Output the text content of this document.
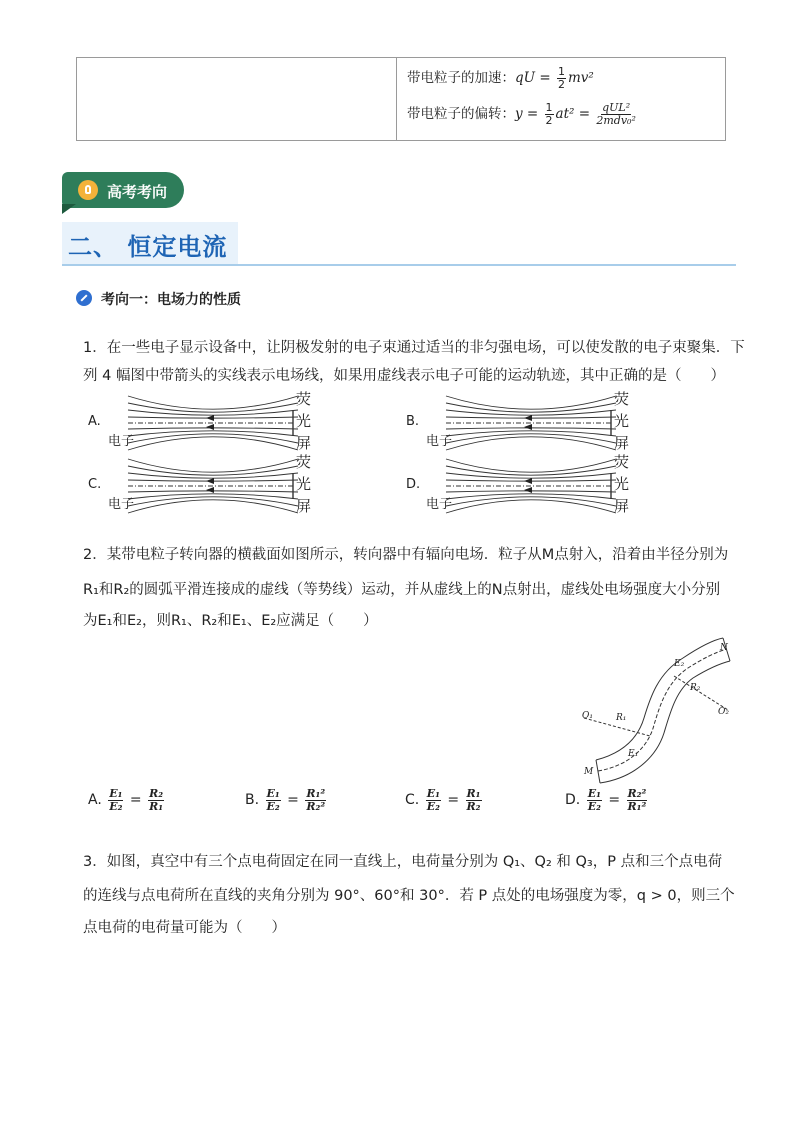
带电粒子的加速：qU = $\frac{1}{2} mv^2$
带电粒子的偏转：$y = \frac{1}{2} at^2 = \frac{\text{qUL²}}{\text{2mdv₀²}}$
高考考向
二、 恒定电流
考向一：电场力的性质
1．在一些电子显示设备中，让阴极发射的电子束通过适当的非匀强电场，可以使发散的电子束聚集．下
列 4 幅图中带箭头的实线表示电场线，如果用虚线表示电子可能的运动轨迹，其中正确的是（　　）
A.
电子
荧
光
屏
B.
电子
荧
光
屏
C.
电子
荧
光
屏
D.
电子
荧
光
屏
2．某带电粒子转向器的横截面如图所示，转向器中有辐向电场．粒子从M点射入，沿着由半径分别为
R₁和R₂的圆弧平滑连接成的虚线（等势线）运动，并从虚线上的N点射出，虚线处电场强度大小分别
为E₁和E₂，则R₁、R₂和E₁、E₂应满足（　　）
N
E₂
R₂
O₁	R₁
O₂
E₁
M
A. $\frac{\text{E₁}}{\text{E₂}} = \frac{\text{R₂}}{\text{R₁}}$	B. $\frac{\text{E₁}}{\text{E₂}} = \frac{\text{R₁²}}{\text{R₂²}}$	C. $\frac{\text{E₁}}{\text{E₂}} = \frac{\text{R₁}}{\text{R₂}}$	D. $\frac{\text{E₁}}{\text{E₂}} = \frac{\text{R₂²}}{\text{R₁²}}$
3．如图，真空中有三个点电荷固定在同一直线上，电荷量分别为 Q₁、Q₂ 和 Q₃，P 点和三个点电荷
的连线与点电荷所在直线的夹角分别为 90°、60°和 30°．若 P 点处的电场强度为零，q > 0，则三个
点电荷的电荷量可能为（　　）
